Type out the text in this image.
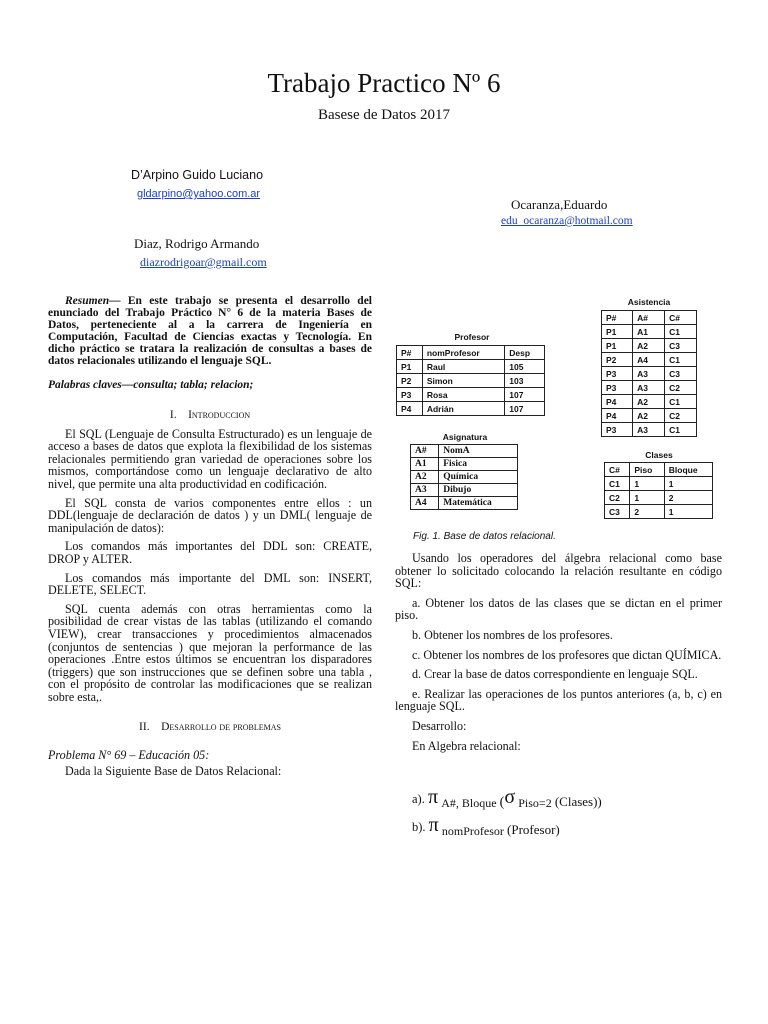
Trabajo Practico Nº 6
Basese de Datos 2017
D’Arpino Guido Luciano
gldarpino@yahoo.com.ar
Ocaranza,Eduardo
edu_ocaranza@hotmail.com
Diaz, Rodrigo Armando
diazrodrigoar@gmail.com

Resumen— En este trabajo se presenta el desarrollo del enunciado del Trabajo Práctico N° 6 de la materia Bases de Datos, perteneciente al a la carrera de Ingeniería en Computación, Facultad de Ciencias exactas y Tecnología. En dicho práctico se tratara la realización de consultas a bases de datos relacionales utilizando el lenguaje SQL.

Palabras claves—consulta; tabla; relacion;

I. Introduccion

El SQL (Lenguaje de Consulta Estructurado) es un lenguaje de acceso a bases de datos que explota la flexibilidad de los sistemas relacionales permitiendo gran variedad de operaciones sobre los mismos, comportándose como un lenguaje declarativo de alto nivel, que permite una alta productividad en codificación.

El SQL consta de varios componentes entre ellos : un DDL(lenguaje de declaración de datos ) y un DML( lenguaje de manipulación de datos):

Los comandos más importantes del DDL son: CREATE, DROP y ALTER.

Los comandos más importante del DML son: INSERT, DELETE, SELECT.

SQL cuenta además con otras herramientas como la posibilidad de crear vistas de las tablas (utilizando el comando VIEW), crear transacciones y procedimientos almacenados (conjuntos de sentencias ) que mejoran la performance de las operaciones .Entre estos últimos se encuentran los disparadores (triggers) que son instrucciones que se definen sobre una tabla , con el propósito de controlar las modificaciones que se realizan sobre esta,.

II. Desarrollo de problemas

Problema N° 69 – Educación 05:

Dada la Siguiente Base de Datos Relacional:

Profesor
P#	nomProfesor	Desp
P1	Raul	105
P2	Simon	103
P3	Rosa	107
P4	Adrián	107
Asignatura
A#	NomA
A1	Fisica
A2	Química
A3	Dibujo
A4	Matemática
Asistencia
P#	A#	C#
P1	A1	C1
P1	A2	C3
P2	A4	C1
P3	A3	C3
P3	A3	C2
P4	A2	C1
P4	A2	C2
P3	A3	C1
Clases
C#	Piso	Bloque
C1	1	1
C2	1	2
C3	2	1
Fig. 1. Base de datos relacional.

Usando los operadores del álgebra relacional como base obtener lo solicitado colocando la relación resultante en código SQL:

a. Obtener los datos de las clases que se dictan en el primer piso.

b. Obtener los nombres de los profesores.

c. Obtener los nombres de los profesores que dictan QUÍMICA.

d. Crear la base de datos correspondiente en lenguaje SQL.

e. Realizar las operaciones de los puntos anteriores (a, b, c) en lenguaje SQL.

Desarrollo:

En Algebra relacional:

a). π A#, Bloque (σ Piso=2 (Clases))
b). π nomProfesor (Profesor)
